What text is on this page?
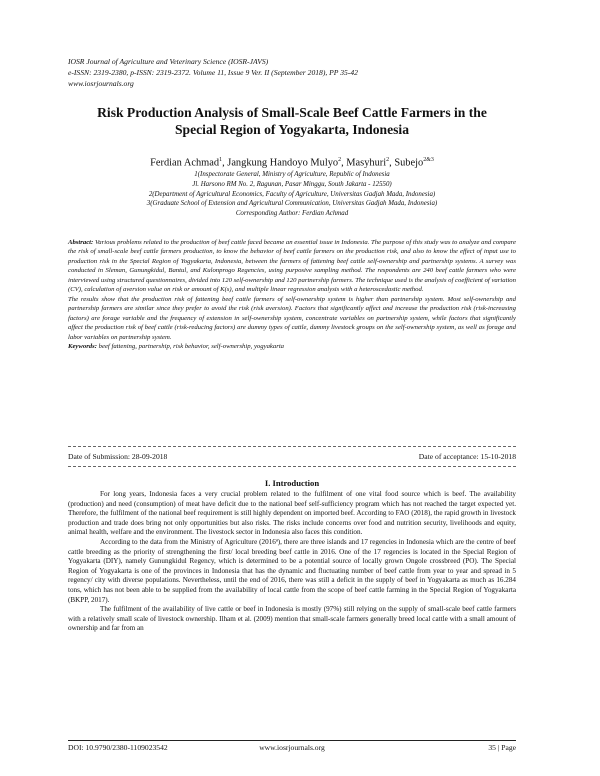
IOSR Journal of Agriculture and Veterinary Science (IOSR-JAVS)
e-ISSN: 2319-2380, p-ISSN: 2319-2372. Volume 11, Issue 9 Ver. II (September 2018), PP 35-42
www.iosrjournals.org
Risk Production Analysis of Small-Scale Beef Cattle Farmers in the
Special Region of Yogyakarta, Indonesia
Ferdian Achmad$^1$, Jangkung Handoyo Mulyo$^2$, Masyhuri$^2$, Subejo$^{2\&3}$
1(Inspectorate General, Ministry of Agriculture, Republic of Indonesia
Jl. Harsono RM No. 2, Ragunan, Pasar Minggu, South Jakarta - 12550)
2(Department of Agricultural Economics, Faculty of Agriculture, Universitas Gadjah Mada, Indonesia)
3(Graduate School of Extension and Agricultural Communication, Universitas Gadjah Mada, Indonesia)
Corresponding Author: Ferdian Achmad

Abstract: Various problems related to the production of beef cattle faced became an essential issue in Indonesia. The purpose of this study was to analyze and compare the risk of small-scale beef cattle farmers production, to know the behavior of beef cattle farmers on the production risk, and also to know the effect of input use to production risk in the Special Region of Yogyakarta, Indonesia, between the farmers of fattening beef cattle self-ownership and partnership systems. A survey was conducted in Sleman, Gunungkidul, Bantul, and Kulonprogo Regencies, using purposive sampling method. The respondents are 240 beef cattle farmers who were interviewed using structured questionnaires, divided into 120 self-ownership and 120 partnership farmers. The technique used is the analysis of coefficient of variation (CV), calculation of aversion value on risk or amount of K(s), and multiple linear regression analysis with a heteroscedastic method.

The results show that the production risk of fattening beef cattle farmers of self-ownership system is higher than partnership system. Most self-ownership and partnership farmers are similar since they prefer to avoid the risk (risk aversion). Factors that significantly affect and increase the production risk (risk-increasing factors) are forage variable and the frequency of extension in self-ownership system, concentrate variables on partnership system, while factors that significantly affect the production risk of beef cattle (risk-reducing factors) are dummy types of cattle, dummy livestock groups on the self-ownership system, as well as forage and labor variables on partnership system.

Keywords: beef fattening, partnership, risk behavior, self-ownership, yogyakarta

Date of Submission: 28-09-2018	Date of acceptance: 15-10-2018
I. Introduction

For long years, Indonesia faces a very crucial problem related to the fulfilment of one vital food source which is beef. The availability (production) and need (consumption) of meat have deficit due to the national beef self-sufficiency program which has not reached the target expected yet. Therefore, the fulfilment of the national beef requirement is still highly dependent on imported beef. According to FAO (2018), the rapid growth in livestock production and trade does bring not only opportunities but also risks. The risks include concerns over food and nutrition security, livelihoods and equity, animal health, welfare and the environment. The livestock sector in Indonesia also faces this condition.

According to the data from the Ministry of Agriculture (2016ª), there are three islands and 17 regencies in Indonesia which are the centre of beef cattle breeding as the priority of strengthening the first/ local breeding beef cattle in 2016. One of the 17 regencies is located in the Special Region of Yogyakarta (DIY), namely Gunungkidul Regency, which is determined to be a potential source of locally grown Ongole crossbreed (PO). The Special Region of Yogyakarta is one of the provinces in Indonesia that has the dynamic and fluctuating number of beef cattle from year to year and spread in 5 regency/ city with diverse populations. Nevertheless, until the end of 2016, there was still a deficit in the supply of beef in Yogyakarta as much as 16.284 tons, which has not been able to be supplied from the availability of local cattle from the scope of beef cattle farming in the Special Region of Yogyakarta (BKPP, 2017).

The fulfilment of the availability of live cattle or beef in Indonesia is mostly (97%) still relying on the supply of small-scale beef cattle farmers with a relatively small scale of livestock ownership. Ilham et al. (2009) mention that small-scale farmers generally breed local cattle with a small amount of ownership and far from an

DOI: 10.9790/2380-1109023542	www.iosrjournals.org	35 | Page
